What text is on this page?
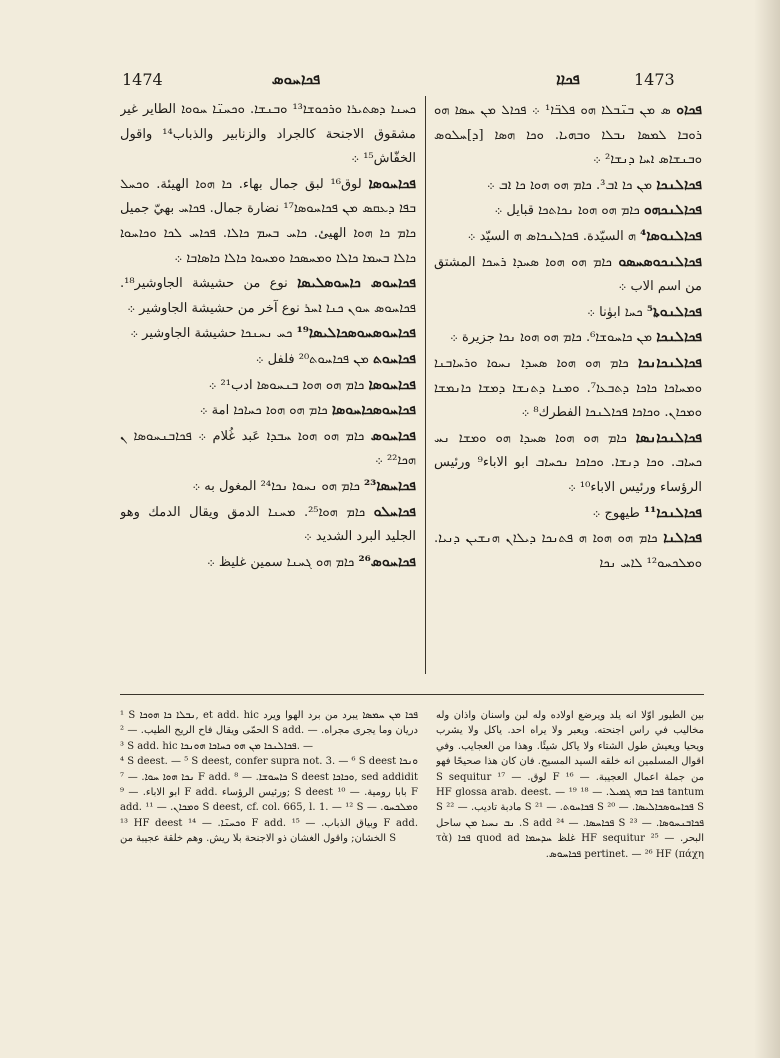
1474	ܦܟܐܚܘܣ	ܦܟܐܐ	1473
ܟܚܢܐ ܕܣܬܝܪܐ ܘܪܟܘܫܐ¹³ ܘܒܢܫܐ. ܘܟܚܢ̈ܐ ܚܘܘܐ الطاير غير مشقوق الاجنحة كالجراد والزنابير والذباب¹⁴ واقول الخفّاش¹⁵ ܀
ܦܟܐܚܘܣܐ لوق¹⁶ لبق جمال بهاء. ܟܐ ܗܘܐ الهيئة. ܘܟܚܠ ܒܦܐ ܕܥܩܣ ܡܢ ܦܟܐܚܘܣܐ¹⁷ نضارة جمال. ܦܟܐܚ بهيّ جميل ܟܐܡ ܟܐ ܗܘܐ الهيئ. ܟܐܚ ܒܚܡ ܟܐܠܐ. ܦܟܐܚ ܠܟܐ ܘܟܐܚܘܐ ܟܐܠܐ ܒܚܡܐ ܟܐܠܐ ܘܡܚܣܟܐ ܘܡܚܘܐ ܟܐܠܐ ܟܐܣܐܒܐ ܀
ܦܟܐܚܘܣ ܟܐܚܘܣܠܝܣܐ نوع من حشيشة الجاوشير¹⁸. ܦܟܐܚܘܣ ܚܘܢ ܟܢܐ ܐܚܪ نوع آخر من حشيشة الجاوشير ܀
ܦܟܐܚܘܣܚܘܣܟܐܠܝܣܐ¹⁹ ܟܚ ܢܚܢܟܐ حشيشة الجاوشير ܀
ܦܟܐܚܘܬ ܡܢ ܦܟܐܚܘܬ²⁰ فلفل ܀
ܦܟܐܚܘܣܐ ܟܐܡ ܗܘ ܗܘܐ ܒܢܚܘܣܐ ادب²¹ ܀
ܦܟܐܚܘܣܟܐܚܘܣܐ ܟܐܡ ܗܘ ܗܘܐ ܟܚܐܟܐ امة ܀
ܦܟܐܚܘܣ ܟܐܡ ܗܘ ܗܘܐ ܚܒܕܐ عَبد غُلام ܀ ܦܟܐܒܢܚܘܣܐ ܢ ܗܟܐ²² ܀
ܦܟܐܚܣܐ²³ ܟܐܡ ܗܘ ܢܚܘܐ ܢܟܐ²⁴ المغول به ܀
ܦܟܐܚܠܘ ܟܐܡ ܗܘܐ²⁵. ܡܚܢܐ الدمق ويقال الدمك وهو الجليد البرد الشديد ܀
ܦܟܐܚܘܣ²⁶ ܟܐܡ ܗܘ ܓܚܢܐ سمين غليظ ܀
ܦܟܐܘ ܣ ܡܢ ܒܢ̈ܒܠܐ ܗܘ ܦܠܒ̈ܐ¹ ܀ ܦܟܐܠ ܡܢ ܚܣܐ ܗܘ ܪܘܒܐ ܠܡܣܐ ܢܒܠܐ ܘܒܗܝܐ. ܘܟܐ ܗܣܐ [ܕ]ܚܠܘܣ ܘܒܢܫܐܣ ܐܚܐ ܕܢܫܐ² ܀
ܦܟܐܠܢܟܐ ܡܢ ܟܐ ܐܒ³. ܟܐܡ ܗܘ ܗܘܐ ܟܐ ܐܒ ܀
ܦܟܐܠܢܟܗܘ ܟܐܡ ܗܘ ܗܘܐ ܢܟܐܬܟܐ قبايل ܀
ܦܟܐܠܢܘܣܐ⁴ ܗ السيّدة. ܦܟܐܠܢܟܐܣ ܗ السيّد ܀
ܦܟܐܠܢܟܘܣܚܣܘ ܟܐܡ ܗܘ ܗܘܐ ܣܚܕܐ ܪܚܟܐ المشتق من اسم الاب ܀
ܦܟܐܠܢܘܬܐ⁵ ܟܚܐ ابوٰنا ܀
ܦܟܐܠܢܟܐ ܡܢ ܟܐܚܘܫܐ⁶. ܟܐܡ ܗܘ ܗܘܐ ܢܟܐ جزيرة ܀
ܦܟܐܠܢܟܐܢܟܐ ܟܐܡ ܗܘ ܗܘܐ ܣܚܕܐ ܢܚܘܐ ܘܪܚܐܒܢܐ ܘܡܚܐܟܐ ܟܐܟܐ ܕܬܒܥܐ⁷. ܘܡܢܐ ܕܬܢܫܐ ܕܡܫܐ ܟܐܢܡܫܐ ܘܡܟܐܢ. ܘܟܐܟܐ ܦܟܐܠܢܟܐ الفطرك⁸ ܀
ܦܟܐܠܢܟܐܢܣܐ ܟܐܡ ܗܘ ܗܘܐ ܣܚܕܐ ܗܘ ܘܡܫܐ ܢܚ ܟܚܐܒ. ܘܟܐ ܕܢܫܐ. ܘܟܐܟܐ ܢܟܚܐܒ ابو الاباء⁹ ورئيس الرؤساء ورئيس الاباء¹⁰ ܀
ܦܟܐܠܢܟܐ¹¹ طيهوج ܀
ܦܟܐܠܢܐ ܟܐܡ ܗܘ ܗܘܐ ܗ ܦܬܢܟܐ ܕܝܠܐܢ ܗܢܫܝܢ ܕܢܝܐ. ܘܡܠܟܚܘ¹² ܠܐܚ ܢܟܐ

¹ S ܢܒܠܐ ܟܐ ܗܘܟܐ, et add. hic ܦܟܐ ܡܢ ܚܡܣܐ يبرد من برد الهوا ويرد الحمّى ويقال فاح الريح الطيب. — ² S add. دريان وما يجرى مجراه. — ³ S add. hic ܦܟܐܠܢܟܐ ܡܢ ܗܘ ܟܚܐܟܐ ܗܘܢܟܐ. —

⁴ S deest. — ⁵ S deest, confer supra not. 3. — ⁶ S deest ܘܢܟܐ ܢܟܐ ܗܘܐ ܚܘܐ. — ⁷ F add. ܟܐܚܘܫܐ. — ⁸ S deest ܘܟܐܟܐ, sed addidit ابو الاباء. — ⁹ F add. ورئيس الرؤساء; S deest بابا رومية. — ¹⁰ F add. ܘܡܟܐܢ. — ¹¹ S deest, cf. col. 665, l. 1. — ¹² S ܘܡܠܟܚܘ. — ¹³ HF deest ܘܟܚܢ̈ܐ. — ¹⁴ F add. وبياق الذباب. — ¹⁵ F add. الخشان; واقول الغشان ذو الاجنحة بلا ريش. وهم خلقة عجيبة من S

بين الطيور اوّلا انه يلد ويرضع اولاده وله لبن واسنان واذان وله مخاليب في راس اجنحته. ويعبر ولا يراه احد. ياكل ولا يشرب ويحيا ويعيش طول الشتاء ولا ياكل شيئًا. وهذا من العجايب. وفي اقوال المسلمين انه خلقه السيد المسيح. فان كان هذا صحيحًا فهو من جملة اعمال العجيبة. — ¹⁶ F لوق. — ¹⁷ S sequitur tantum ܦܟܐ ܒܗܝ ܓܡܝܠ. — ¹⁸ HF glossa arab. deest. — ¹⁹ S ܦܟܐܚܘܣܟܐܠܝܣܐ. — ²⁰ S ܦܟܐܚܘܬ. — ²¹ S مادبة تاديب. — ²² S ܦܟܐܒܢܚܘܣܐ. — ²³ S ܦܟܐܚܣܐ. — ²⁴ S add. ܢܒ ܢܚܝܐ ܡܢ ساحل البحر. — ²⁵ HF sequitur غلظ ܚܕܚܡܐ quod ad ܦܟܐ (τὰ πάχη) pertinet. — ²⁶ HF ܦܟܐܚܘܣ.
